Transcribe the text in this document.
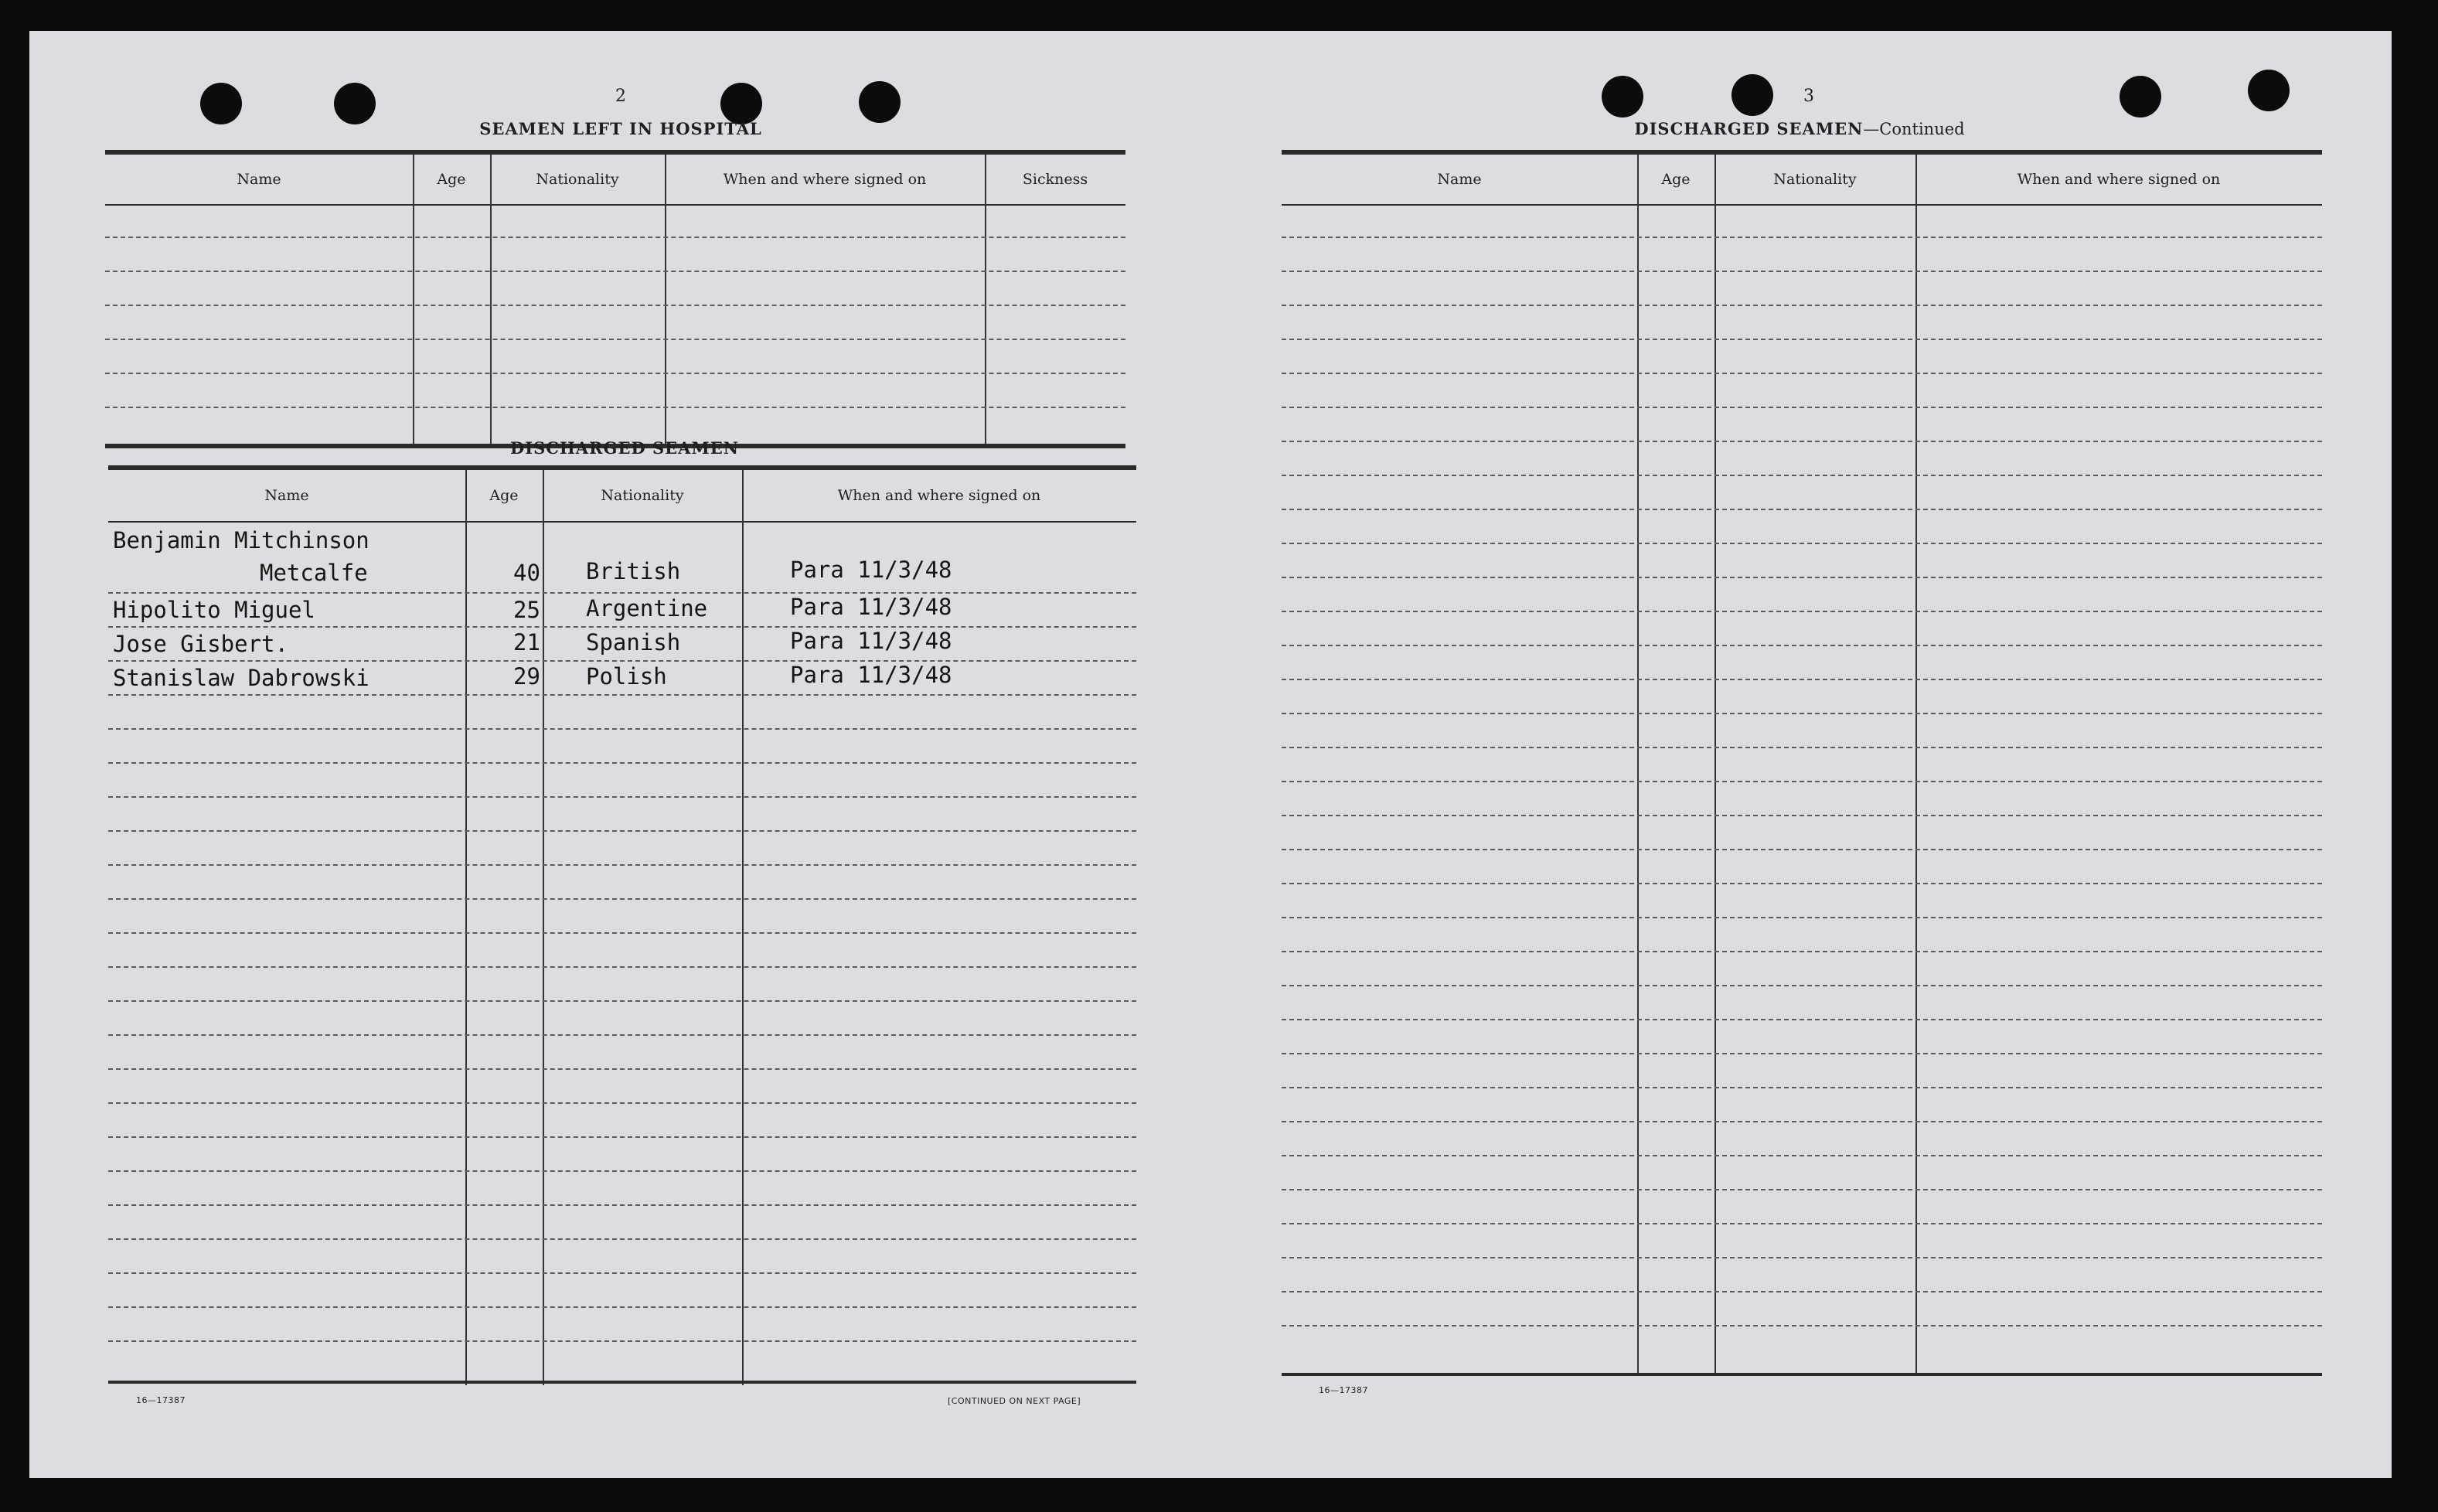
2
SEAMEN LEFT IN HOSPITAL
Name	Age	Nationality	When and where signed on	Sickness
DISCHARGED SEAMEN
Name	Age	Nationality	When and where signed on
Benjamin Mitchinson
Metcalfe	40 British	Para 11/3/48
Hipolito Miguel	25 Argentine	Para 11/3/48
Jose Gisbert.	21 Spanish	Para 11/3/48
Stanislaw Dabrowski	29 Polish	Para 11/3/48
16—17387	[CONTINUED ON NEXT PAGE]
3
DISCHARGED SEAMEN—Continued
Name	Age	Nationality	When and where signed on
16—17387
